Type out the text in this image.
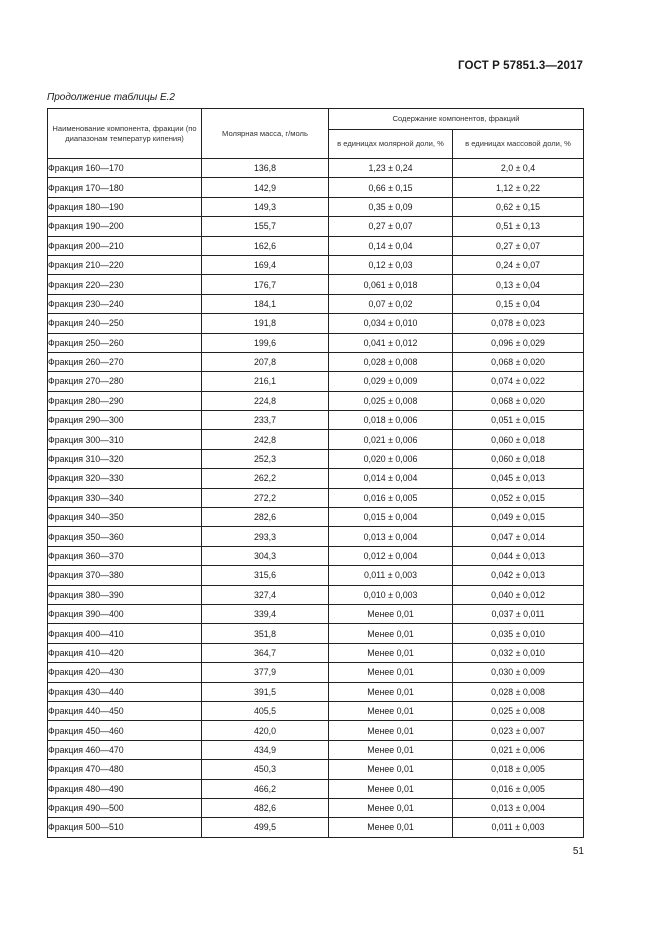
ГОСТ Р 57851.3—2017
Продолжение таблицы Е.2
Наименование компонента, фракции (по диапазонам температур кипения)	Молярная масса, г/моль	Содержание компонентов, фракций	
		в единицах молярной доли, %	в единицах массовой доли, %
Фракция 160—170	136,8	1,23 ± 0,24	2,0 ± 0,4
Фракция 170—180	142,9	0,66 ± 0,15	1,12 ± 0,22
Фракция 180—190	149,3	0,35 ± 0,09	0,62 ± 0,15
Фракция 190—200	155,7	0,27 ± 0,07	0,51 ± 0,13
Фракция 200—210	162,6	0,14 ± 0,04	0,27 ± 0,07
Фракция 210—220	169,4	0,12 ± 0,03	0,24 ± 0,07
Фракция 220—230	176,7	0,061 ± 0,018	0,13 ± 0,04
Фракция 230—240	184,1	0,07 ± 0,02	0,15 ± 0,04
Фракция 240—250	191,8	0,034 ± 0,010	0,078 ± 0,023
Фракция 250—260	199,6	0,041 ± 0,012	0,096 ± 0,029
Фракция 260—270	207,8	0,028 ± 0,008	0,068 ± 0,020
Фракция 270—280	216,1	0,029 ± 0,009	0,074 ± 0,022
Фракция 280—290	224,8	0,025 ± 0,008	0,068 ± 0,020
Фракция 290—300	233,7	0,018 ± 0,006	0,051 ± 0,015
Фракция 300—310	242,8	0,021 ± 0,006	0,060 ± 0,018
Фракция 310—320	252,3	0,020 ± 0,006	0,060 ± 0,018
Фракция 320—330	262,2	0,014 ± 0,004	0,045 ± 0,013
Фракция 330—340	272,2	0,016 ± 0,005	0,052 ± 0,015
Фракция 340—350	282,6	0,015 ± 0,004	0,049 ± 0,015
Фракция 350—360	293,3	0,013 ± 0,004	0,047 ± 0,014
Фракция 360—370	304,3	0,012 ± 0,004	0,044 ± 0,013
Фракция 370—380	315,6	0,011 ± 0,003	0,042 ± 0,013
Фракция 380—390	327,4	0,010 ± 0,003	0,040 ± 0,012
Фракция 390—400	339,4	Менее 0,01	0,037 ± 0,011
Фракция 400—410	351,8	Менее 0,01	0,035 ± 0,010
Фракция 410—420	364,7	Менее 0,01	0,032 ± 0,010
Фракция 420—430	377,9	Менее 0,01	0,030 ± 0,009
Фракция 430—440	391,5	Менее 0,01	0,028 ± 0,008
Фракция 440—450	405,5	Менее 0,01	0,025 ± 0,008
Фракция 450—460	420,0	Менее 0,01	0,023 ± 0,007
Фракция 460—470	434,9	Менее 0,01	0,021 ± 0,006
Фракция 470—480	450,3	Менее 0,01	0,018 ± 0,005
Фракция 480—490	466,2	Менее 0,01	0,016 ± 0,005
Фракция 490—500	482,6	Менее 0,01	0,013 ± 0,004
Фракция 500—510	499,5	Менее 0,01	0,011 ± 0,003
51
